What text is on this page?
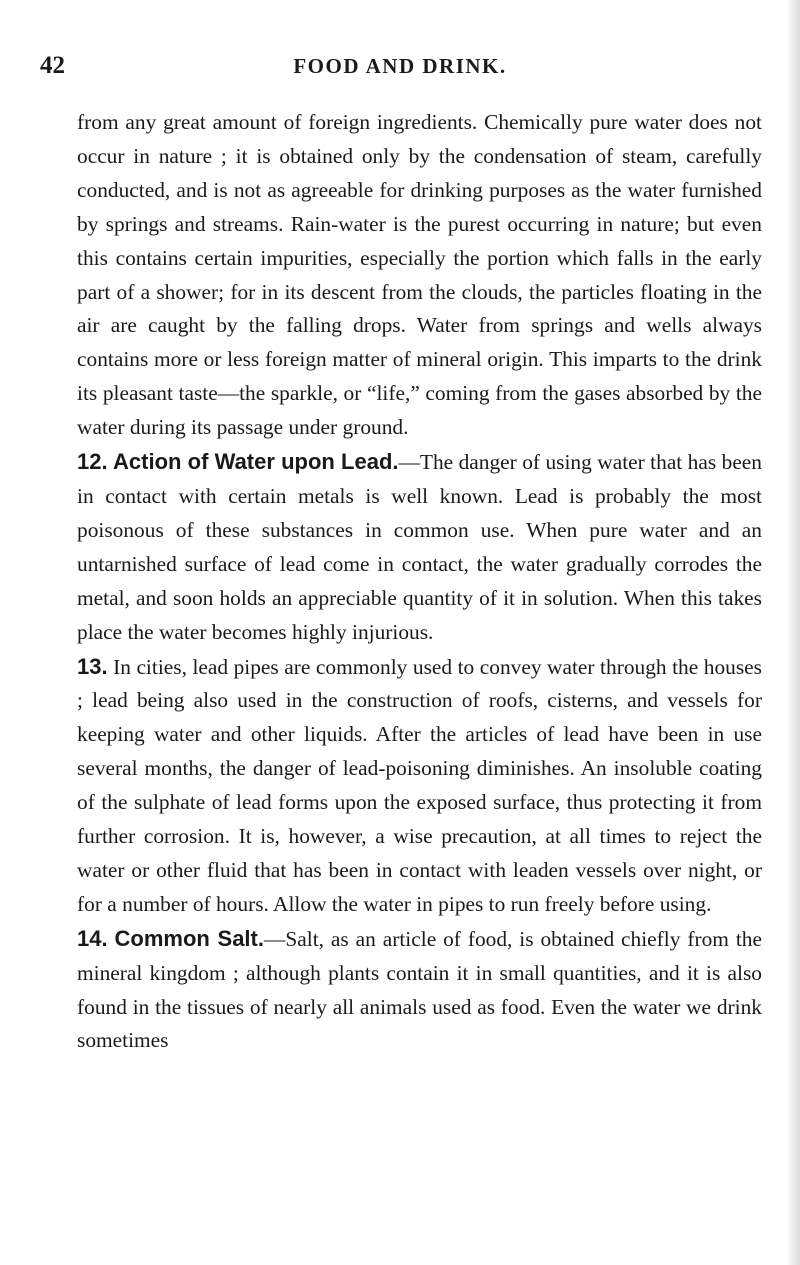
42	FOOD AND DRINK.

from any great amount of foreign ingredients. Chemically pure water does not occur in nature ; it is obtained only by the condensation of steam, carefully conducted, and is not as agreeable for drinking purposes as the water furnished by springs and streams. Rain-water is the purest occurring in nature; but even this contains certain impurities, especially the portion which falls in the early part of a shower; for in its descent from the clouds, the particles floating in the air are caught by the falling drops. Water from springs and wells always contains more or less foreign matter of mineral origin. This imparts to the drink its pleasant taste—the sparkle, or “life,” coming from the gases absorbed by the water during its passage under ground.

12. Action of Water upon Lead.—The danger of using water that has been in contact with certain metals is well known. Lead is probably the most poisonous of these substances in common use. When pure water and an untarnished surface of lead come in contact, the water gradually corrodes the metal, and soon holds an appreciable quantity of it in solution. When this takes place the water becomes highly injurious.

13. In cities, lead pipes are commonly used to convey water through the houses ; lead being also used in the construction of roofs, cisterns, and vessels for keeping water and other liquids. After the articles of lead have been in use several months, the danger of lead-poisoning diminishes. An insoluble coating of the sulphate of lead forms upon the exposed surface, thus protecting it from further corrosion. It is, however, a wise precaution, at all times to reject the water or other fluid that has been in contact with leaden vessels over night, or for a number of hours. Allow the water in pipes to run freely before using.

14. Common Salt.—Salt, as an article of food, is obtained chiefly from the mineral kingdom ; although plants contain it in small quantities, and it is also found in the tissues of nearly all animals used as food. Even the water we drink sometimes
